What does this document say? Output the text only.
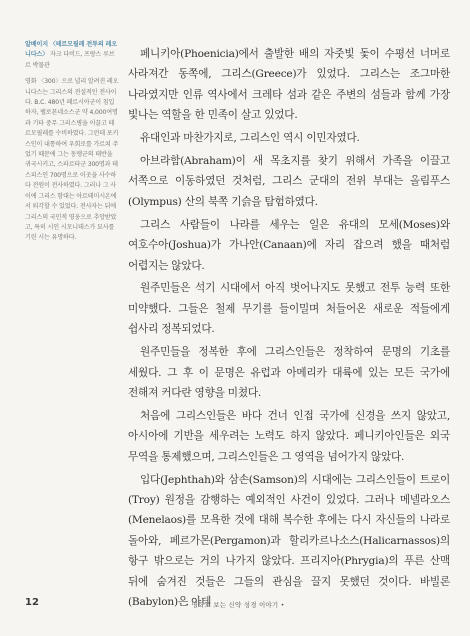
알베이지 〈테르모필레 전투의 레오니다스〉 자크 다비드, 프랑스 루브르 박물관

영화 〈300〉으로 널리 알려진 레오니다스는 그리스의 전설적인 전사이다. B.C. 480년 페르시아군이 침입하자, 펠로폰네소스군 약 4,000여명과 기타 중무 그리스병을 이끌고 테르모필레를 수비하였다. 그런데 포키스인이 내통하여 우회로를 가르쳐 주었기 때문에 그는 동맹군의 태반을 귀국시키고, 스파르타군 300명과 테스피스인 700명으로 이곳을 사수하다 전원이 전사하였다. 그러나 그 사이에 그리스 함대는 아르테미시온에서 퇴각할 수 있었다. 전사자는 뒤에 그리스의 국민적 영웅으로 추앙받았고, 특히 시인 시모니데스가 묘사를 기린 시는 유명하다.

페니키아(Phoenicia)에서 출발한 배의 자줏빛 돛이 수평선 너머로 사라져간 동쪽에, 그리스(Greece)가 있었다. 그리스는 조그마한 나라였지만 인류 역사에서 크레타 섬과 같은 주변의 섬들과 함께 가장 빛나는 역할을 한 민족이 살고 있었다.

유대인과 마찬가지로, 그리스인 역시 이민자였다.

아브라함(Abraham)이 새 목초지를 찾기 위해서 가족을 이끌고 서쪽으로 이동하였던 것처럼, 그리스 군대의 전위 부대는 올림푸스(Olympus) 산의 북쪽 기슭을 탐험하였다.

그리스 사람들이 나라를 세우는 일은 유대의 모세(Moses)와 여호수아(Joshua)가 가나안(Canaan)에 자리 잡으려 했을 때처럼 어렵지는 않았다.

원주민들은 석기 시대에서 아직 벗어나지도 못했고 전투 능력 또한 미약했다. 그들은 철제 무기를 들이밀며 처들어온 새로운 적들에게 쉽사리 정복되었다.

원주민들을 정복한 후에 그리스인들은 정착하여 문명의 기초를 세웠다. 그 후 이 문명은 유럽과 아메리카 대륙에 있는 모든 국가에 전해져 커다란 영향을 미쳤다.

처음에 그리스인들은 바다 건너 인접 국가에 신경을 쓰지 않았고, 아시아에 기반을 세우려는 노력도 하지 않았다. 페니키아인들은 외국 무역을 통제했으며, 그리스인들은 그 영역을 넘어가지 않았다.

입다(Jephthah)와 삼손(Samson)의 시대에는 그리스인들이 트로이(Troy) 원정을 감행하는 예외적인 사건이 있었다. 그러나 메넬라오스(Menelaos)를 모욕한 것에 대해 복수한 후에는 다시 자신들의 나라로 돌아와, 페르가몬(Pergamon)과 할리카르나소스(Halicarnassos)의 항구 밖으로는 거의 나가지 않았다. 프리지아(Phrygia)의 푸른 산맥 뒤에 숨겨진 것들은 그들의 관심을 끌지 못했던 것이다. 바빌론(Babylon)은 아테

12	• 명화로 보는 신약 성경 이야기 •
